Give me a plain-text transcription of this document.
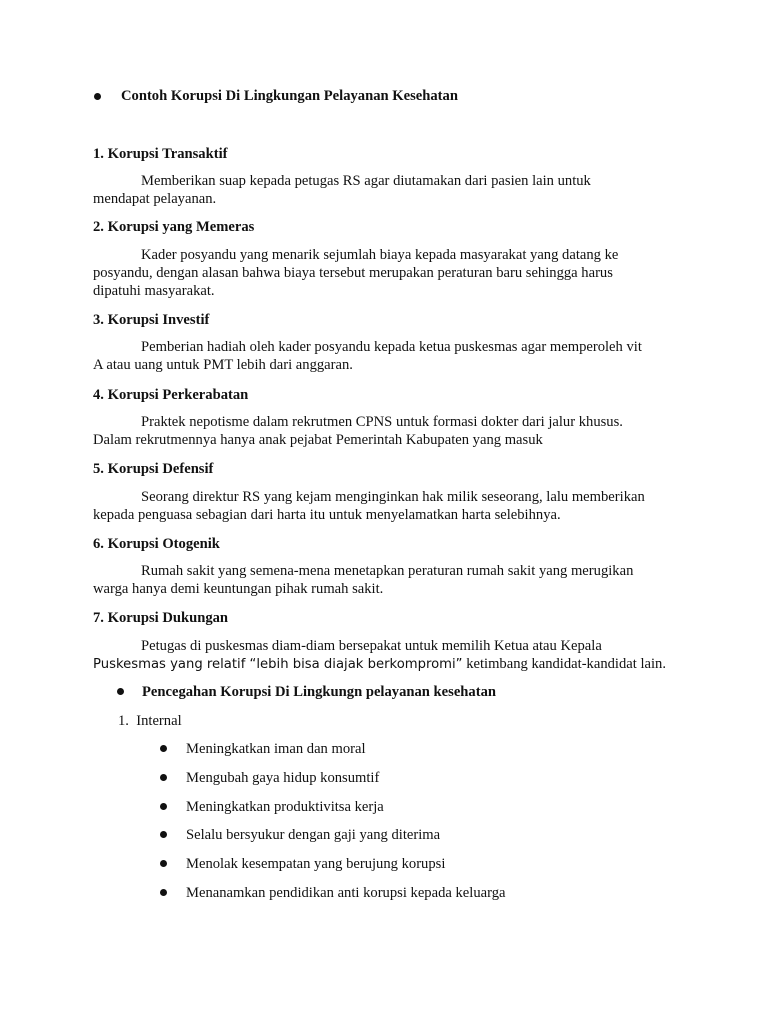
Contoh Korupsi Di Lingkungan Pelayanan Kesehatan
1. Korupsi Transaktif
Memberikan suap kepada petugas RS agar diutamakan dari pasien lain untuk
mendapat pelayanan.
2. Korupsi yang Memeras
Kader posyandu yang menarik sejumlah biaya kepada masyarakat yang datang ke
posyandu, dengan alasan bahwa biaya tersebut merupakan peraturan baru sehingga harus
dipatuhi masyarakat.
3. Korupsi Investif
Pemberian hadiah oleh kader posyandu kepada ketua puskesmas agar memperoleh vit
A atau uang untuk PMT lebih dari anggaran.
4. Korupsi Perkerabatan
Praktek nepotisme dalam rekrutmen CPNS untuk formasi dokter dari jalur khusus.
Dalam rekrutmennya hanya anak pejabat Pemerintah Kabupaten yang masuk
5. Korupsi Defensif
Seorang direktur RS yang kejam menginginkan hak milik seseorang, lalu memberikan
kepada penguasa sebagian dari harta itu untuk menyelamatkan harta selebihnya.
6. Korupsi Otogenik
Rumah sakit yang semena-mena menetapkan peraturan rumah sakit yang merugikan
warga hanya demi keuntungan pihak rumah sakit.
7. Korupsi Dukungan
Petugas di puskesmas diam-diam bersepakat untuk memilih Ketua atau Kepala
Puskesmas yang relatif “lebih bisa diajak berkompromi” ketimbang kandidat-kandidat lain.
Pencegahan Korupsi Di Lingkungn pelayanan kesehatan
1.  Internal
Meningkatkan iman dan moral
Mengubah gaya hidup konsumtif
Meningkatkan produktivitsa kerja
Selalu bersyukur dengan gaji yang diterima
Menolak kesempatan yang berujung korupsi
Menanamkan pendidikan anti korupsi kepada keluarga
